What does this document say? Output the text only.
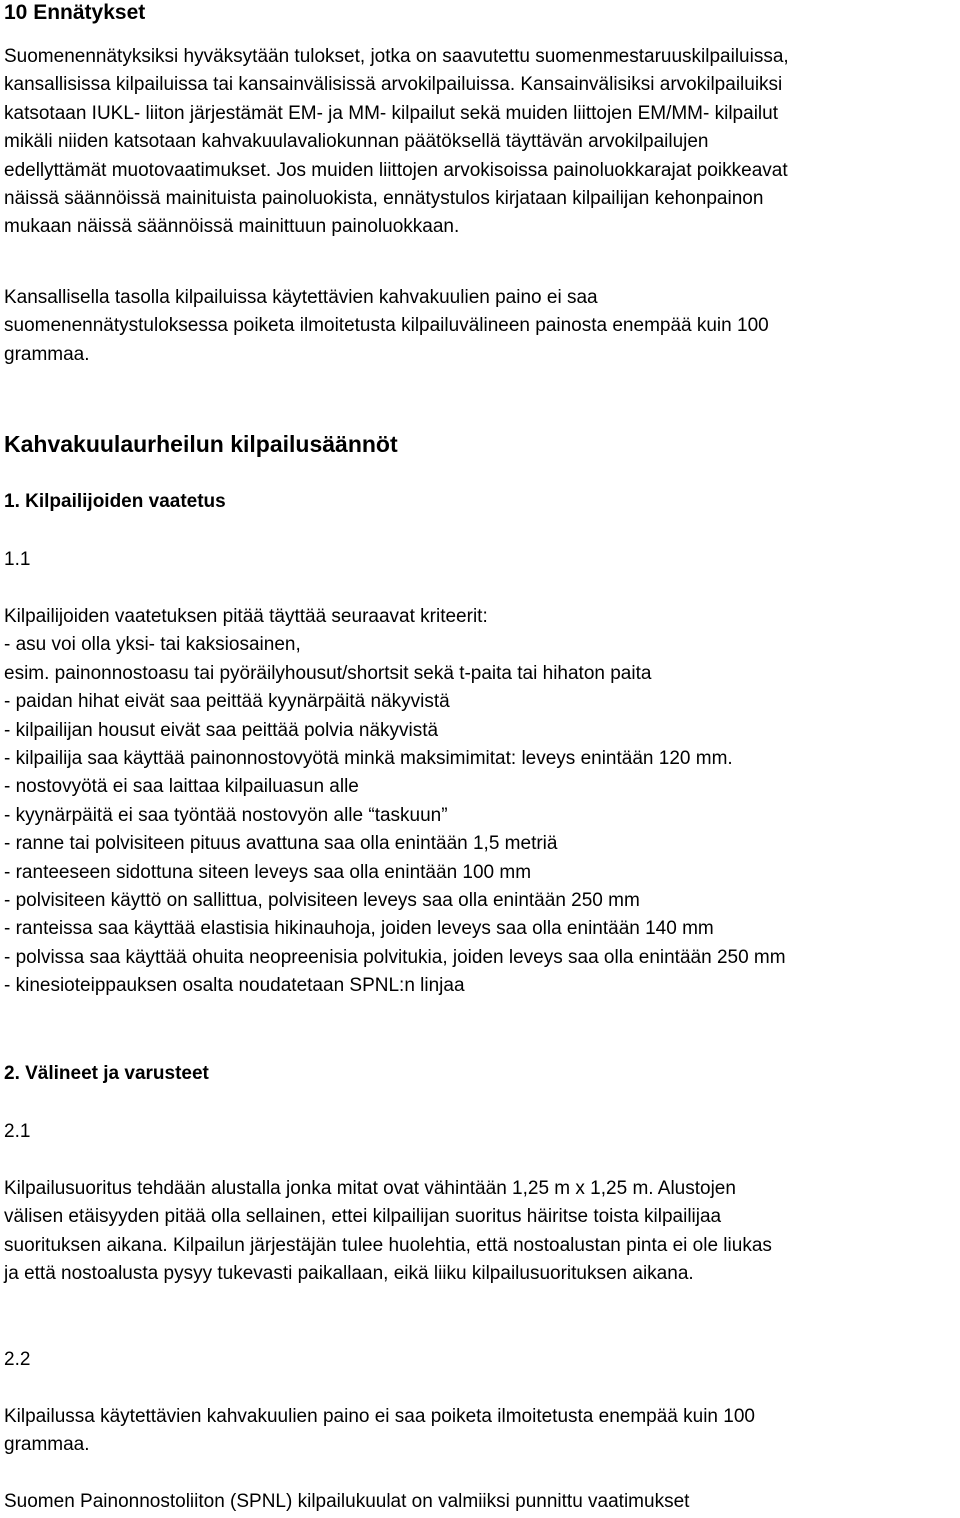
10 Ennätykset
Suomenennätyksiksi hyväksytään tulokset, jotka on saavutettu suomenmestaruuskilpailuissa,
kansallisissa kilpailuissa tai kansainvälisissä arvokilpailuissa. Kansainvälisiksi arvokilpailuiksi
katsotaan IUKL- liiton järjestämät EM- ja MM- kilpailut sekä muiden liittojen EM/MM- kilpailut
mikäli niiden katsotaan kahvakuulavaliokunnan päätöksellä täyttävän arvokilpailujen
edellyttämät muotovaatimukset. Jos muiden liittojen arvokisoissa painoluokkarajat poikkeavat
näissä säännöissä mainituista painoluokista, ennätystulos kirjataan kilpailijan kehonpainon
mukaan näissä säännöissä mainittuun painoluokkaan.
Kansallisella tasolla kilpailuissa käytettävien kahvakuulien paino ei saa
suomenennätystuloksessa poiketa ilmoitetusta kilpailuvälineen painosta enempää kuin 100
grammaa.
Kahvakuulaurheilun kilpailusäännöt
1. Kilpailijoiden vaatetus
1.1
Kilpailijoiden vaatetuksen pitää täyttää seuraavat kriteerit:
- asu voi olla yksi- tai kaksiosainen,
esim. painonnostoasu tai pyöräilyhousut/shortsit sekä t-paita tai hihaton paita
- paidan hihat eivät saa peittää kyynärpäitä näkyvistä
- kilpailijan housut eivät saa peittää polvia näkyvistä
- kilpailija saa käyttää painonnostovyötä minkä maksimimitat: leveys enintään 120 mm.
- nostovyötä ei saa laittaa kilpailuasun alle
- kyynärpäitä ei saa työntää nostovyön alle “taskuun”
- ranne tai polvisiteen pituus avattuna saa olla enintään 1,5 metriä
- ranteeseen sidottuna siteen leveys saa olla enintään 100 mm
- polvisiteen käyttö on sallittua, polvisiteen leveys saa olla enintään 250 mm
- ranteissa saa käyttää elastisia hikinauhoja, joiden leveys saa olla enintään 140 mm
- polvissa saa käyttää ohuita neopreenisia polvitukia, joiden leveys saa olla enintään 250 mm
- kinesioteippauksen osalta noudatetaan SPNL:n linjaa
2. Välineet ja varusteet
2.1
Kilpailusuoritus tehdään alustalla jonka mitat ovat vähintään 1,25 m x 1,25 m. Alustojen
välisen etäisyyden pitää olla sellainen, ettei kilpailijan suoritus häiritse toista kilpailijaa
suorituksen aikana. Kilpailun järjestäjän tulee huolehtia, että nostoalustan pinta ei ole liukas
ja että nostoalusta pysyy tukevasti paikallaan, eikä liiku kilpailusuorituksen aikana.
2.2
Kilpailussa käytettävien kahvakuulien paino ei saa poiketa ilmoitetusta enempää kuin 100
grammaa.
Suomen Painonnostoliiton (SPNL) kilpailukuulat on valmiiksi punnittu vaatimukset
